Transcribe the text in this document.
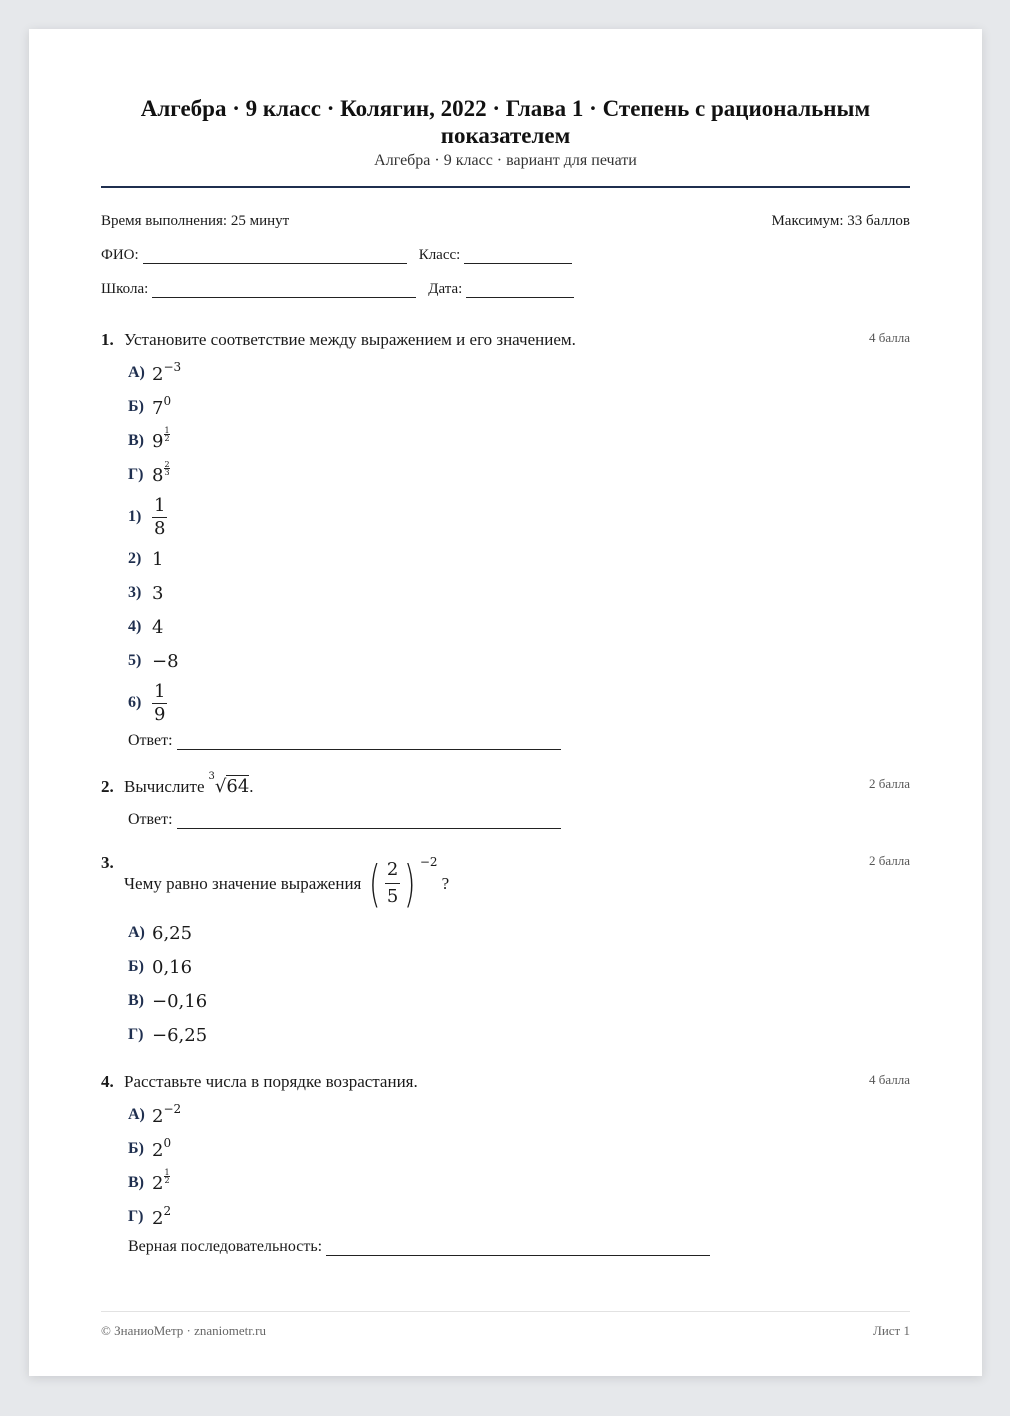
Алгебра · 9 класс · Колягин, 2022 · Глава 1 · Степень с рациональным показателем
Алгебра · 9 класс · вариант для печати
Время выполнения: 25 минут	Максимум: 33 баллов
ФИО:	Класс:
Школа:	Дата:
1. Установите соответствие между выражением и его значением.	4 балла
А) $2^{-3}$
Б) $7^0$
В) $9 \frac{1}{2}$
Г) $8 \frac{2}{3}$
$1) \frac{1}{8}$
2) 1
3) 3
4) 4
5) −8
$6) \frac{1}{9}$
Ответ:
2. Вычислите
$^3$√64 .	2 балла
Ответ:
3.
Чему равно значение выражения ( $\frac{2}{5}$ ) $^{-2}$
?
2 балла
А) 6,25
Б) 0,16
В) −0,16
Г) −6,25
4. Расставьте числа в порядке возрастания.	4 балла
А) $2^{-2}$
Б) $2^0$
В) $2 \frac{1}{2}$
Г) $2^2$
Верная последовательность:
© ЗнаниоМетр · znaniometr.ru	Лист 1
